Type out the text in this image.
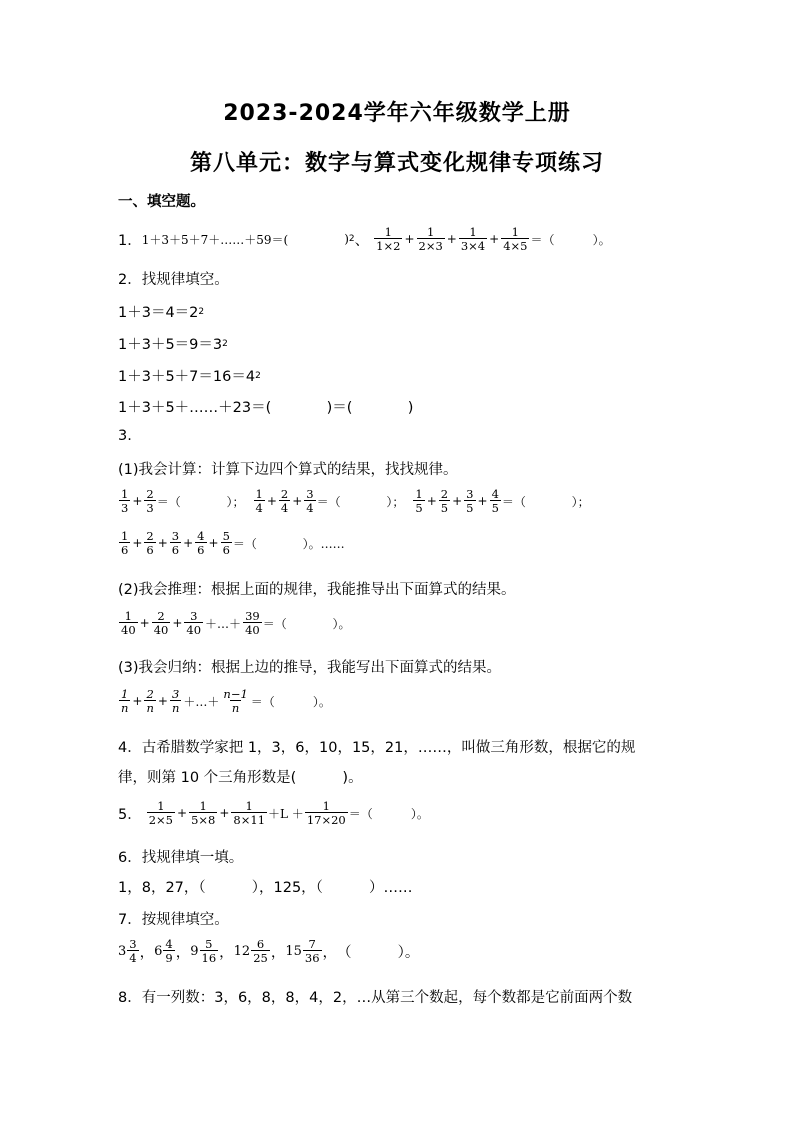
2023-2024学年六年级数学上册
第八单元：数字与算式变化规律专项练习
一、填空题。
1． 1＋3＋5＋7＋……＋59＝(	) 2 、 $\frac{1}{1\times 2} + \frac{1}{2\times 3} + \frac{1}{3\times 4} + \frac{1}{4\times 5}$ ＝（          ）。
2．找规律填空。
1＋3＝4＝2 2
1＋3＋5＝9＝3 2
1＋3＋5＋7＝16＝4 2
1＋3＋5＋……＋23＝(            )＝(            )
3.
(1)我会计算：计算下边四个算式的结果，找找规律。
$\frac{1}{3} + \frac{2}{3}$ ＝（            ）； $\frac{1}{4} + \frac{2}{4} + \frac{3}{4}$ ＝（            ）； $\frac{1}{5} + \frac{2}{5} + \frac{3}{5} + \frac{4}{5}$ ＝（            ）；
$\frac{1}{6} + \frac{2}{6} + \frac{3}{6} + \frac{4}{6} + \frac{5}{6}$ ＝（            ）。……
(2)我会推理：根据上面的规律，我能推导出下面算式的结果。
$\frac{1}{40} + \frac{2}{40} + \frac{3}{40}$ ＋…＋ $\frac{39}{40}$ ＝（            ）。
(3)我会归纳：根据上边的推导，我能写出下面算式的结果。
$\frac{1}{n} + \frac{2}{n} + \frac{3}{n}$ ＋…＋ $\frac{n-1}{n}$ ＝（          ）。
4．古希腊数学家把 1，3，6，10，15，21，……，叫做三角形数，根据它的规
律，则第 10 个三角形数是(          )。
5． $\frac{1}{2\times 5} + \frac{1}{5\times 8} + \frac{1}{8\times 11} +L + \frac{1}{17\times 20}$ ＝（          ）。
6．找规律填一填。
1，8，27，（          ），125，（          ）……
7．按规律填空。
$3 \frac{3}{4}$ ， $6 \frac{4}{9}$ ， $9 \frac{5}{16}$ ， $12 \frac{6}{25}$ ， $15 \frac{7}{36}$ ， （          ）。
8．有一列数：3，6，8，8，4，2，…从第三个数起，每个数都是它前面两个数
